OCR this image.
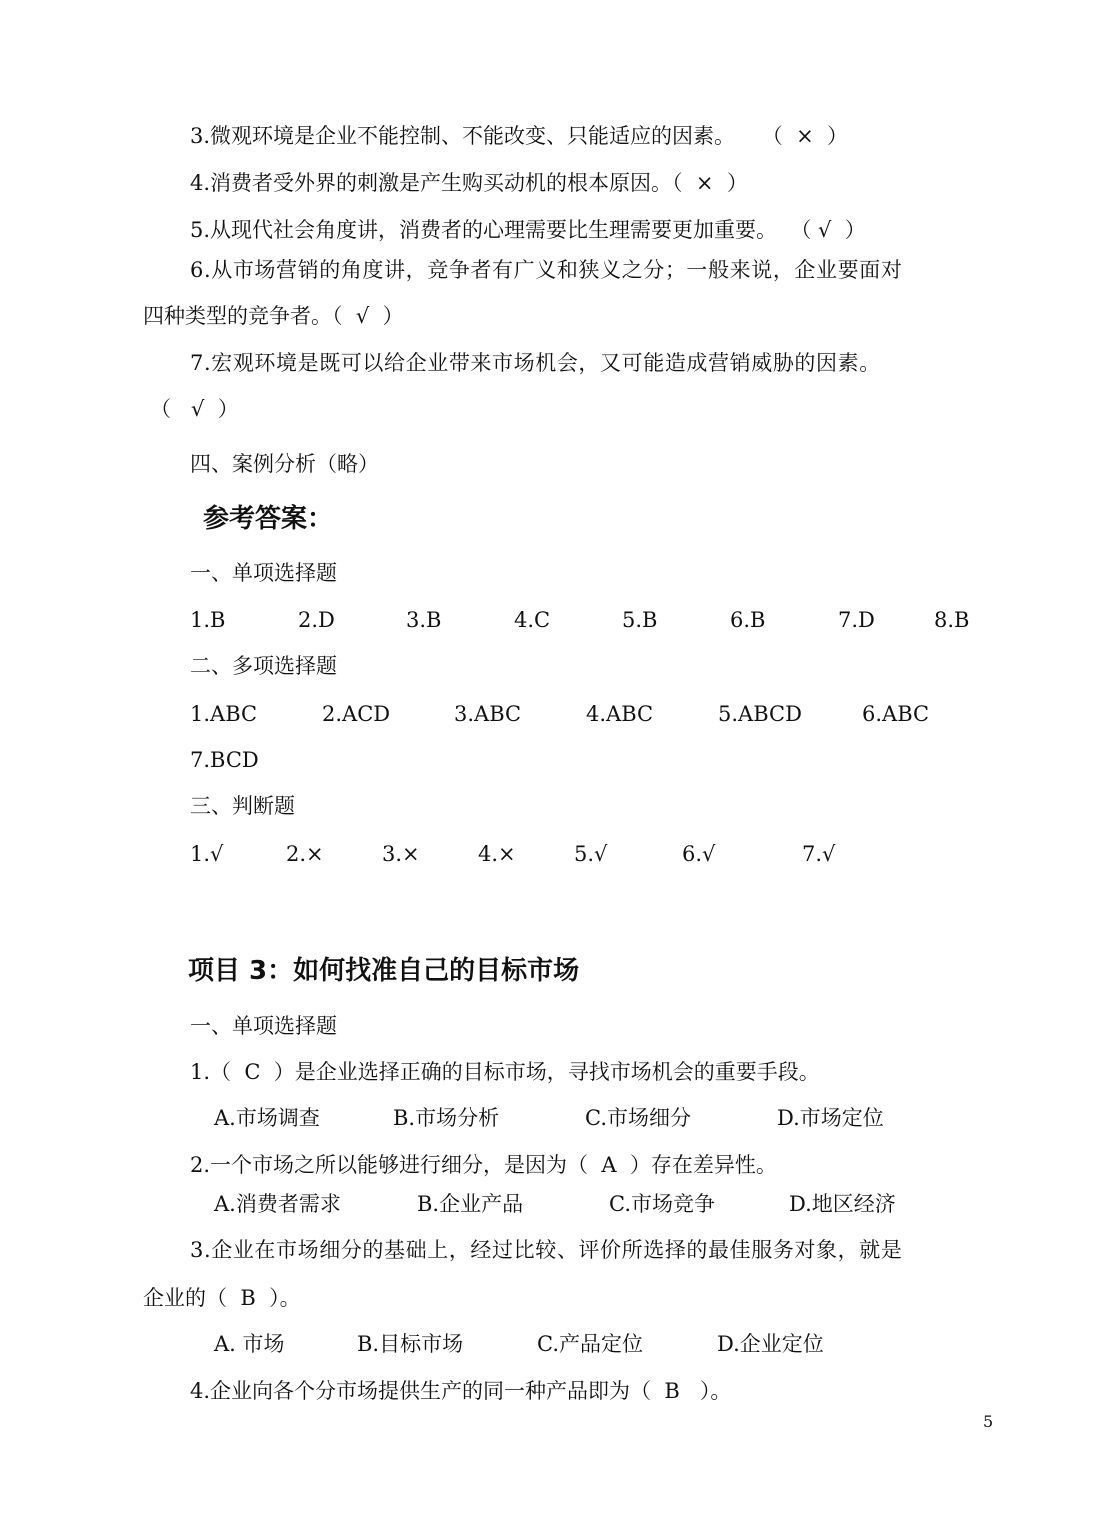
3.微观环境是企业不能控制、不能改变、只能适应的因素。    （  ×  ）

4.消费者受外界的刺激是产生购买动机的根本原因。（  ×  ）

5.从现代社会角度讲，消费者的心理需要比生理需要更加重要。  （ √  ）

6.从市场营销的角度讲，竞争者有广义和狭义之分；一般来说，企业要面对

四种类型的竞争者。（  √  ）

7.宏观环境是既可以给企业带来市场机会，又可能造成营销威胁的因素。

（   √  ）

四、案例分析（略）

参考答案：

一、单项选择题

1.B	2.D	3.B	4.C	5.B	6.B	7.D	8.B

二、多项选择题

1.ABC	2.ACD	3.ABC	4.ABC	5.ABCD	6.ABC

7.BCD

三、判断题

1.√	2.×	3.×	4.×	5.√	6.√	7.√

项目 3：如何找准自己的目标市场

一、单项选择题

1.（  C  ）是企业选择正确的目标市场，寻找市场机会的重要手段。

A.市场调查	B.市场分析	C.市场细分	D.市场定位

2.一个市场之所以能够进行细分，是因为（  A  ）存在差异性。

A.消费者需求	B.企业产品	C.市场竞争	D.地区经济

3.企业在市场细分的基础上，经过比较、评价所选择的最佳服务对象，就是

企业的（  B  ）。

A. 市场	B.目标市场	C.产品定位	D.企业定位

4.企业向各个分市场提供生产的同一种产品即为（  B   ）。

5
